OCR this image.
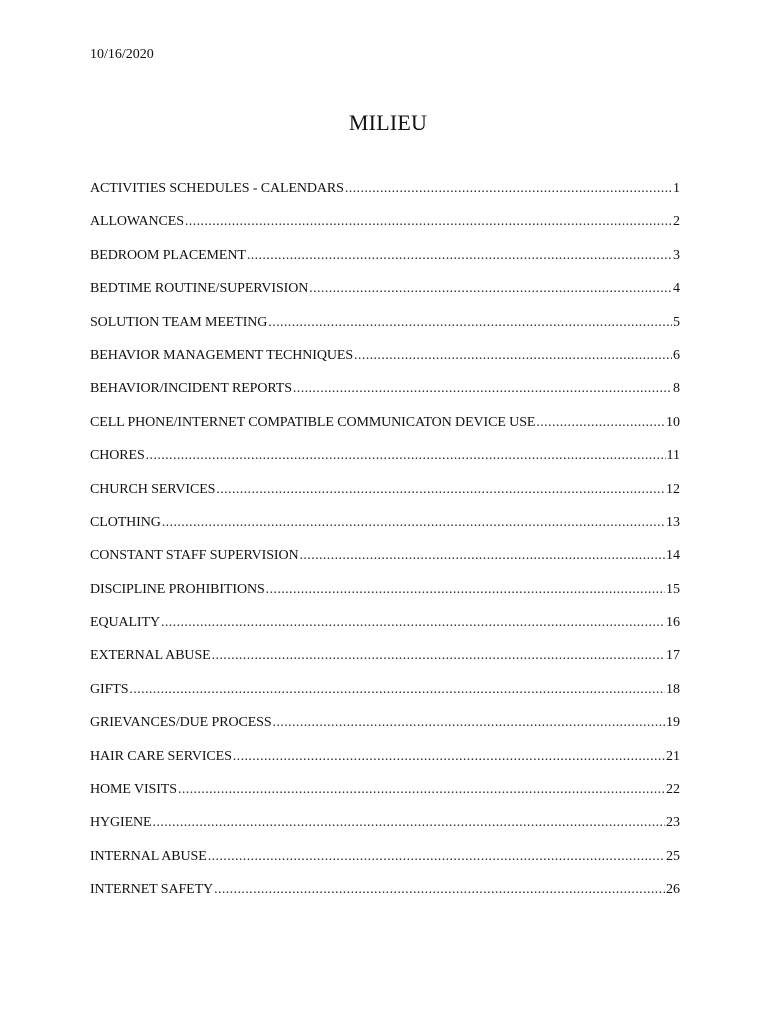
10/16/2020
MILIEU
ACTIVITIES SCHEDULES - CALENDARS .....	1
ALLOWANCES .....	2
BEDROOM PLACEMENT .....	3
BEDTIME ROUTINE/SUPERVISION .....	4
SOLUTION TEAM MEETING .....	5
BEHAVIOR MANAGEMENT TECHNIQUES .....	6
BEHAVIOR/INCIDENT REPORTS .....	8
CELL PHONE/INTERNET COMPATIBLE COMMUNICATON DEVICE USE .....	10
CHORES .....	11
CHURCH SERVICES .....	12
CLOTHING .....	13
CONSTANT STAFF SUPERVISION .....	14
DISCIPLINE PROHIBITIONS .....	15
EQUALITY .....	16
EXTERNAL ABUSE .....	17
GIFTS .....	18
GRIEVANCES/DUE PROCESS .....	19
HAIR CARE SERVICES .....	21
HOME VISITS .....	22
HYGIENE .....	23
INTERNAL ABUSE .....	25
INTERNET SAFETY .....	26
